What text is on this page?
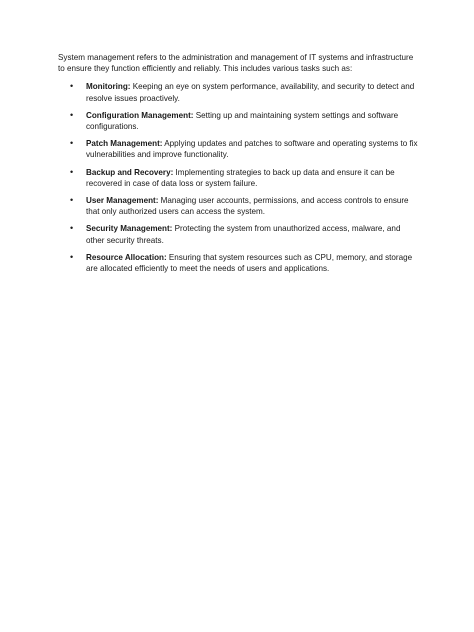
System management refers to the administration and management of IT systems and infrastructure to ensure they function efficiently and reliably. This includes various tasks such as:

• Monitoring: Keeping an eye on system performance, availability, and security to detect and resolve issues proactively.
• Configuration Management: Setting up and maintaining system settings and software configurations.
• Patch Management: Applying updates and patches to software and operating systems to fix vulnerabilities and improve functionality.
• Backup and Recovery: Implementing strategies to back up data and ensure it can be recovered in case of data loss or system failure.
• User Management: Managing user accounts, permissions, and access controls to ensure that only authorized users can access the system.
• Security Management: Protecting the system from unauthorized access, malware, and other security threats.
• Resource Allocation: Ensuring that system resources such as CPU, memory, and storage are allocated efficiently to meet the needs of users and applications.
